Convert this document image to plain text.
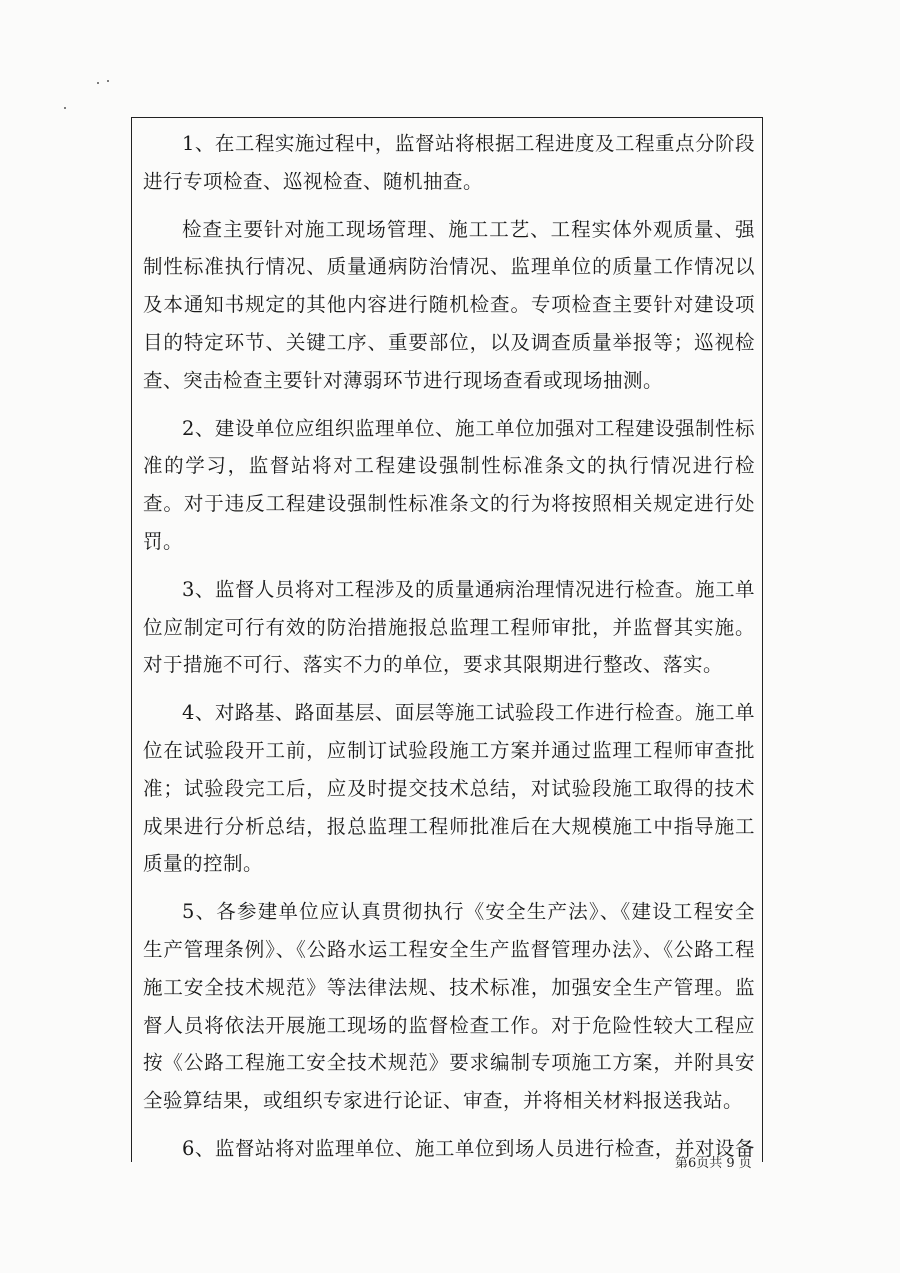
1、在工程实施过程中，监督站将根据工程进度及工程重点分阶段进行专项检查、巡视检查、随机抽查。

检查主要针对施工现场管理、施工工艺、工程实体外观质量、强制性标准执行情况、质量通病防治情况、监理单位的质量工作情况以及本通知书规定的其他内容进行随机检查。专项检查主要针对建设项目的特定环节、关键工序、重要部位，以及调查质量举报等；巡视检查、突击检查主要针对薄弱环节进行现场查看或现场抽测。

2、建设单位应组织监理单位、施工单位加强对工程建设强制性标准的学习，监督站将对工程建设强制性标准条文的执行情况进行检查。对于违反工程建设强制性标准条文的行为将按照相关规定进行处罚。

3、监督人员将对工程涉及的质量通病治理情况进行检查。施工单位应制定可行有效的防治措施报总监理工程师审批，并监督其实施。对于措施不可行、落实不力的单位，要求其限期进行整改、落实。

4、对路基、路面基层、面层等施工试验段工作进行检查。施工单位在试验段开工前，应制订试验段施工方案并通过监理工程师审查批准；试验段完工后，应及时提交技术总结，对试验段施工取得的技术成果进行分析总结，报总监理工程师批准后在大规模施工中指导施工质量的控制。

5、各参建单位应认真贯彻执行《安全生产法》、《建设工程安全生产管理条例》、《公路水运工程安全生产监督管理办法》、《公路工程施工安全技术规范》等法律法规、技术标准，加强安全生产管理。监督人员将依法开展施工现场的监督检查工作。对于危险性较大工程应按《公路工程施工安全技术规范》要求编制专项施工方案，并附具安全验算结果，或组织专家进行论证、审查，并将相关材料报送我站。

6、监督站将对监理单位、施工单位到场人员进行检查，并对设备

第6页共 9 页
